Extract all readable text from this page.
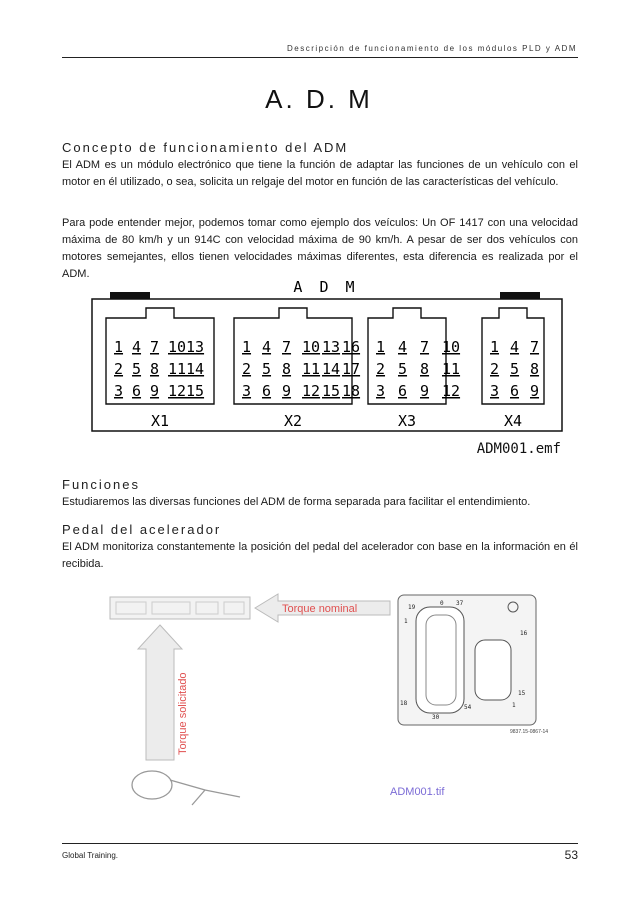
Descripción de funcionamiento de los módulos PLD y ADM
A. D. M
Concepto de funcionamiento del ADM
El ADM es un módulo electrónico que tiene la función de adaptar las funciones de un vehículo con el motor en él utilizado, o sea, solicita un relgaje del motor en función de las características del vehículo.
Para pode entender mejor, podemos tomar como ejemplo dos veículos: Un OF 1417 con una velocidad máxima de 80 km/h y un 914C con velocidad máxima de 90 km/h. A pesar de ser dos vehículos con motores semejantes, ellos tienen velocidades máximas diferentes, esta diferencia es realizada por el ADM.
A D M
1 4 7 10 13
2 5 8 11 14
3 6 9 12 15
X1
1 4 7 10 13 16
2 5 8 11 14 17
3 6 9 12 15 18
X2
1 4 7 10
2 5 8 11
3 6 9 12
X3
1 4 7
2 5 8
3 6 9
X4
ADM001.emf
Funciones
Estudiaremos las diversas funciones del ADM de forma separada para facilitar el entendimiento.
Pedal del acelerador
El ADM monitoriza constantemente la posición del pedal del acelerador con base en la información en él recibida.
Torque nominal
Torque solicitado
19
0 37
1
16
18
15
54
30
1
9837.15-0867-14
ADM001.tif
Global Training.	53
